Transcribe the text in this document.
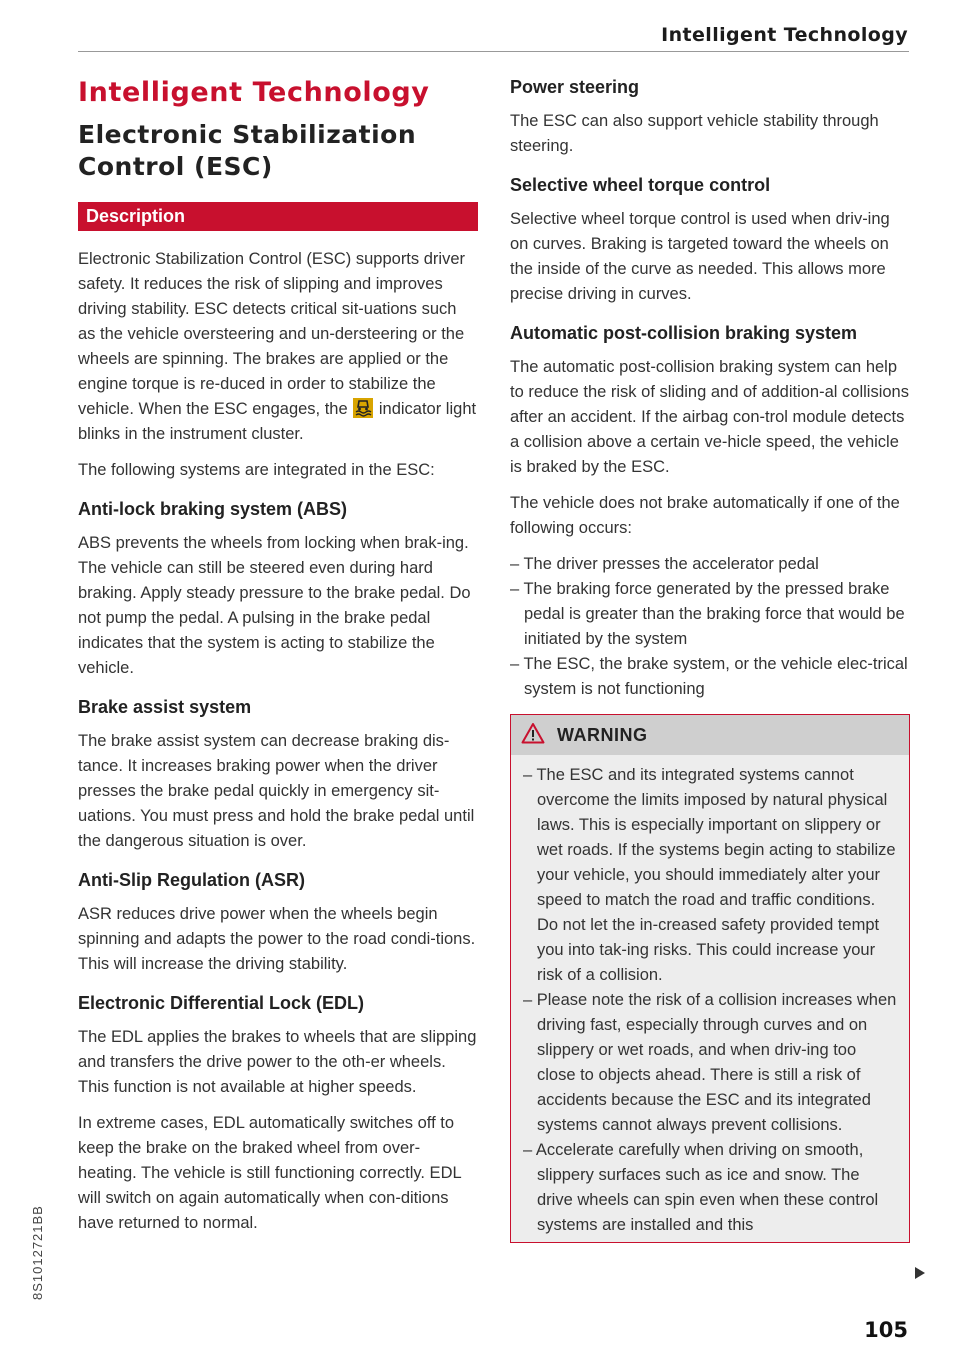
Intelligent Technology
Intelligent Technology
Electronic Stabilization
Control (ESC)
Description

Electronic Stabilization Control (ESC) supports driver safety. It reduces the risk of slipping and improves driving stability. ESC detects critical sit-uations such as the vehicle oversteering and un-dersteering or the wheels are spinning. The brakes are applied or the engine torque is re-duced in order to stabilize the vehicle. When the ESC engages, the indicator light blinks in the instrument cluster.

The following systems are integrated in the ESC:

Anti-lock braking system (ABS)

ABS prevents the wheels from locking when brak-ing. The vehicle can still be steered even during hard braking. Apply steady pressure to the brake pedal. Do not pump the pedal. A pulsing in the brake pedal indicates that the system is acting to stabilize the vehicle.

Brake assist system

The brake assist system can decrease braking dis-tance. It increases braking power when the driver presses the brake pedal quickly in emergency sit-uations. You must press and hold the brake pedal until the dangerous situation is over.

Anti-Slip Regulation (ASR)

ASR reduces drive power when the wheels begin spinning and adapts the power to the road condi-tions. This will increase the driving stability.

Electronic Differential Lock (EDL)

The EDL applies the brakes to wheels that are slipping and transfers the drive power to the oth-er wheels. This function is not available at higher speeds.

In extreme cases, EDL automatically switches off to keep the brake on the braked wheel from over-heating. The vehicle is still functioning correctly. EDL will switch on again automatically when con-ditions have returned to normal.

Power steering

The ESC can also support vehicle stability through steering.

Selective wheel torque control

Selective wheel torque control is used when driv-ing on curves. Braking is targeted toward the wheels on the inside of the curve as needed. This allows more precise driving in curves.

Automatic post-collision braking system

The automatic post-collision braking system can help to reduce the risk of sliding and of addition-al collisions after an accident. If the airbag con-trol module detects a collision above a certain ve-hicle speed, the vehicle is braked by the ESC.

The vehicle does not brake automatically if one of the following occurs:

– The driver presses the accelerator pedal
– The braking force generated by the pressed brake pedal is greater than the braking force that would be initiated by the system
– The ESC, the brake system, or the vehicle elec-trical system is not functioning
WARNING
– The ESC and its integrated systems cannot overcome the limits imposed by natural physical laws. This is especially important on slippery or wet roads. If the systems begin acting to stabilize your vehicle, you should immediately alter your speed to match the road and traffic conditions. Do not let the in-creased safety provided tempt you into tak-ing risks. This could increase your risk of a collision.
– Please note the risk of a collision increases when driving fast, especially through curves and on slippery or wet roads, and when driv-ing too close to objects ahead. There is still a risk of accidents because the ESC and its integrated systems cannot always prevent collisions.
– Accelerate carefully when driving on smooth, slippery surfaces such as ice and snow. The drive wheels can spin even when these control systems are installed and this
105
8S1012721BB
